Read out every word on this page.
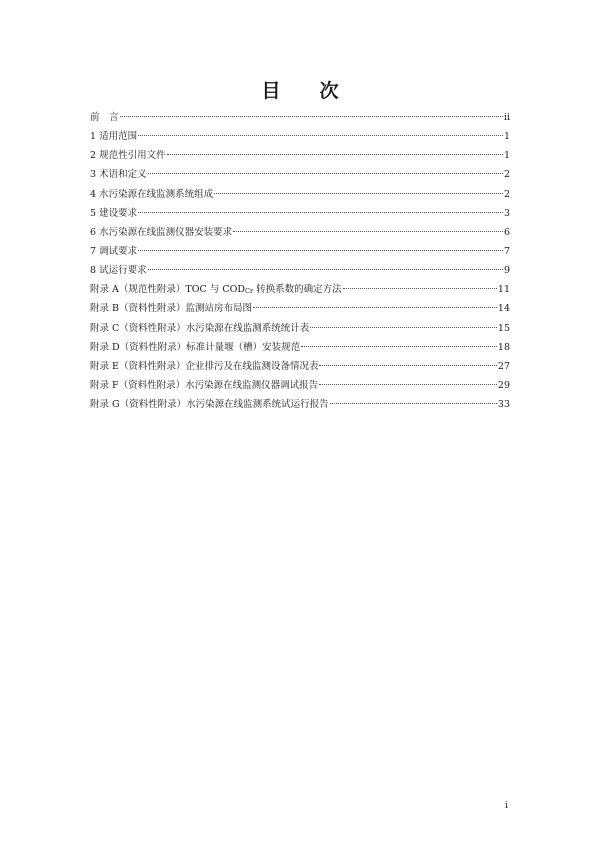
目　次
前　言	ii
1 适用范围	1
2 规范性引用文件	1
3 术语和定义	2
4 水污染源在线监测系统组成	2
5 建设要求	3
6 水污染源在线监测仪器安装要求	6
7 调试要求	7
8 试运行要求	9
附录 A（规范性附录）TOC 与 CODCr 转换系数的确定方法	11
附录 B（资料性附录）监测站房布局图	14
附录 C（资料性附录）水污染源在线监测系统统计表	15
附录 D（资料性附录）标准计量堰（槽）安装规范	18
附录 E（资料性附录）企业排污及在线监测设备情况表	27
附录 F（资料性附录）水污染源在线监测仪器调试报告	29
附录 G（资料性附录）水污染源在线监测系统试运行报告	33
i
